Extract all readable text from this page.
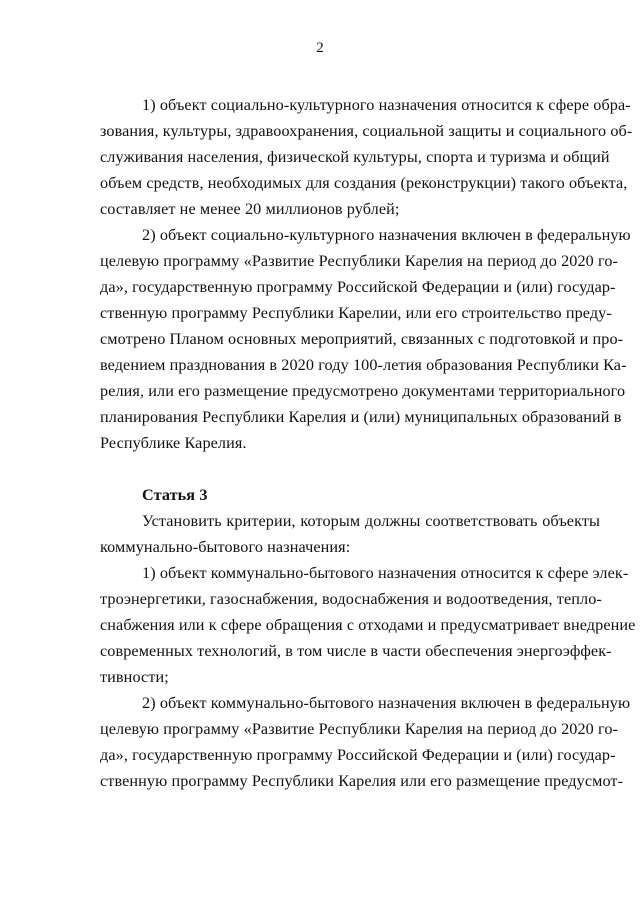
2
1) объект социально-культурного назначения относится к сфере обра-
зования, культуры, здравоохранения, социальной защиты и социального об-
служивания населения, физической культуры, спорта и туризма и общий
объем средств, необходимых для создания (реконструкции) такого объекта,
составляет не менее 20 миллионов рублей;
2) объект социально-культурного назначения включен в федеральную
целевую программу «Развитие Республики Карелия на период до 2020 го-
да», государственную программу Российской Федерации и (или) государ-
ственную программу Республики Карелии, или его строительство преду-
смотрено Планом основных мероприятий, связанных с подготовкой и про-
ведением празднования в 2020 году 100-летия образования Республики Ка-
релия, или его размещение предусмотрено документами территориального
планирования Республики Карелия и (или) муниципальных образований в
Республике Карелия.
Статья 3
Установить критерии, которым должны соответствовать объекты
коммунально-бытового назначения:
1) объект коммунально-бытового назначения относится к сфере элек-
троэнергетики, газоснабжения, водоснабжения и водоотведения, тепло-
снабжения или к сфере обращения с отходами и предусматривает внедрение
современных технологий, в том числе в части обеспечения энергоэффек-
тивности;
2) объект коммунально-бытового назначения включен в федеральную
целевую программу «Развитие Республики Карелия на период до 2020 го-
да», государственную программу Российской Федерации и (или) государ-
ственную программу Республики Карелия или его размещение предусмот-
